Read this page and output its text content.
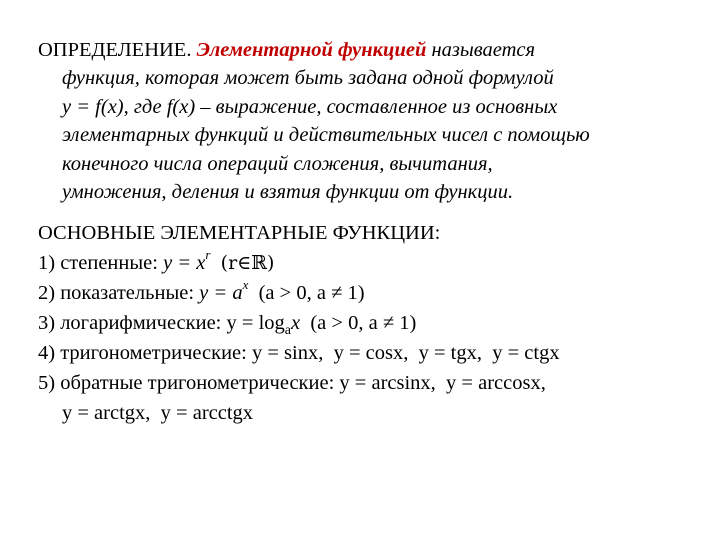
ОПРЕДЕЛЕНИЕ. Элементарной функцией называется
функция, которая может быть задана одной формулой
y = f(x), где f(x) – выражение, составленное из основных
элементарных функций и действительных чисел с помощью
конечного числа операций сложения, вычитания,
умножения, деления и взятия функции от функции.
ОСНОВНЫЕ ЭЛЕМЕНТАРНЫЕ ФУНКЦИИ:
1) степенные: $y = x^r$ (r∈ℝ)
2) показательные: $y = a^x$ (a > 0, a ≠ 1)
3) логарифмические: $y = \log_ax$ (a > 0, a ≠ 1)
4) тригонометрические: y = sinx,  y = cosx,  y = tgx,  y = ctgx
5) обратные тригонометрические: y = arcsinx,  y = arccosx,
y = arctgx,  y = arcctgx
